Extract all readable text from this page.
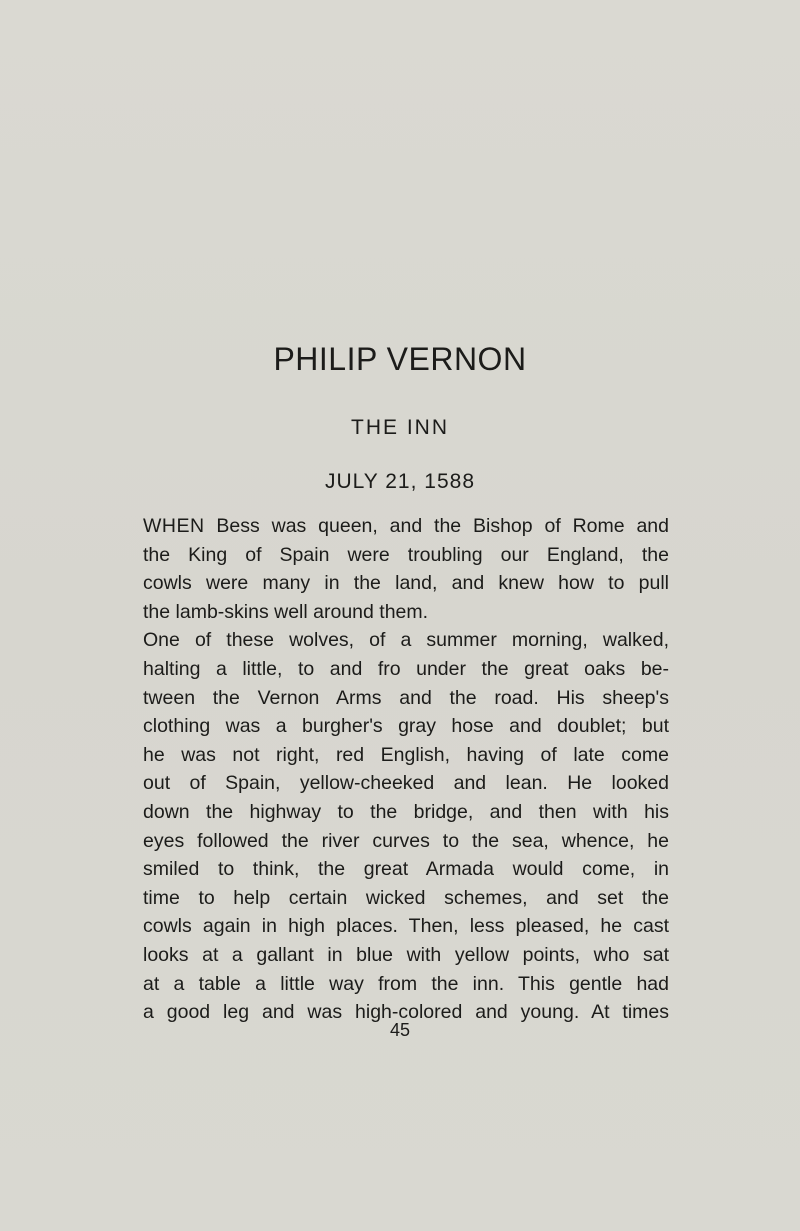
PHILIP VERNON
THE INN
JULY 21, 1588
WHEN Bess was queen, and the Bishop of Rome and
the King of Spain were troubling our England, the
cowls were many in the land, and knew how to pull
the lamb-skins well around them.
One of these wolves, of a summer morning, walked,
halting a little, to and fro under the great oaks be-
tween the Vernon Arms and the road. His sheep's
clothing was a burgher's gray hose and doublet; but
he was not right, red English, having of late come
out of Spain, yellow-cheeked and lean. He looked
down the highway to the bridge, and then with his
eyes followed the river curves to the sea, whence, he
smiled to think, the great Armada would come, in
time to help certain wicked schemes, and set the
cowls again in high places. Then, less pleased, he cast
looks at a gallant in blue with yellow points, who sat
at a table a little way from the inn. This gentle had
a good leg and was high-colored and young. At times
45
